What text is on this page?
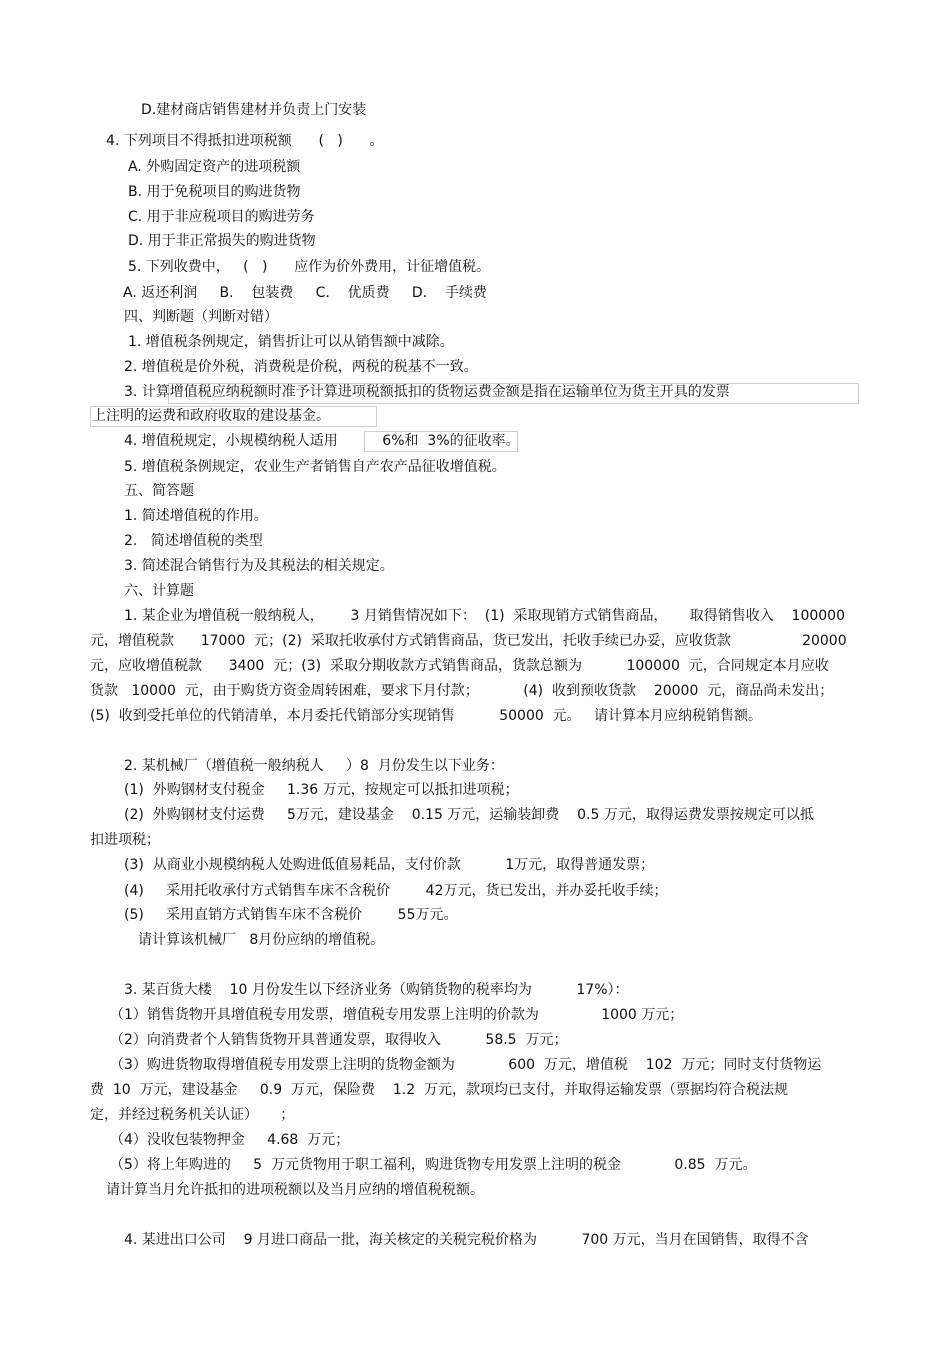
D.建材商店销售建材并负责上门安装
4. 下列项目不得抵扣进项税额      (   )      。
A. 外购固定资产的进项税额
B. 用于免税项目的购进货物
C. 用于非应税项目的购进劳务
D. 用于非正常损失的购进货物
5. 下列收费中，   (   )      应作为价外费用，计征增值税。
A. 返还利润     B.    包装费     C.    优质费     D.    手续费
四、判断题（判断对错）
1. 增值税条例规定，销售折让可以从销售额中减除。
2. 增值税是价外税，消费税是价税，两税的税基不一致。
3. 计算增值税应纳税额时准予计算进项税额抵扣的货物运费金额是指在运输单位为货主开具的发票
上注明的运费和政府收取的建设基金。
4. 增值税规定，小规模纳税人适用          6%和  3%的征收率。
5. 增值税条例规定，农业生产者销售自产农产品征收增值税。
五、简答题
1. 简述增值税的作用。
2.   简述增值税的类型
3. 简述混合销售行为及其税法的相关规定。
六、计算题
1. 某企业为增值税一般纳税人，      3 月销售情况如下：  (1)  采取现销方式销售商品，     取得销售收入    100000
元，增值税款      17000  元；(2)  采取托收承付方式销售商品，货已发出，托收手续已办妥，应收货款                20000
元，应收增值税款      3400  元；(3)  采取分期收款方式销售商品，货款总额为          100000  元，合同规定本月应收
货款   10000  元，由于购货方资金周转困难，要求下月付款；          (4)  收到预收货款    20000  元，商品尚未发出；
(5)  收到受托单位的代销清单，本月委托代销部分实现销售          50000  元。   请计算本月应纳税销售额。
2. 某机械厂（增值税一般纳税人     ）8  月份发生以下业务：
(1)  外购钢材支付税金     1.36 万元，按规定可以抵扣进项税；
(2)  外购钢材支付运费     5万元，建设基金    0.15 万元，运输装卸费    0.5 万元，取得运费发票按规定可以抵
扣进项税；
(3)  从商业小规模纳税人处购进低值易耗品，支付价款          1万元，取得普通发票；
(4)     采用托收承付方式销售车床不含税价        42万元，货已发出，并办妥托收手续；
(5)     采用直销方式销售车床不含税价        55万元。
请计算该机械厂   8月份应纳的增值税。
3. 某百货大楼    10 月份发生以下经济业务（购销货物的税率均为          17%）：
（1）销售货物开具增值税专用发票，增值税专用发票上注明的价款为              1000 万元；
（2）向消费者个人销售货物开具普通发票，取得收入          58.5  万元；
（3）购进货物取得增值税专用发票上注明的货物金额为            600  万元，增值税    102  万元；同时支付货物运
费  10  万元，建设基金     0.9  万元，保险费    1.2  万元，款项均已支付，并取得运输发票（票据均符合税法规
定，并经过税务机关认证）     ；
（4）没收包装物押金     4.68  万元；
（5）将上年购进的     5  万元货物用于职工福利，购进货物专用发票上注明的税金            0.85  万元。
请计算当月允许抵扣的进项税额以及当月应纳的增值税税额。
4. 某进出口公司    9 月进口商品一批，海关核定的关税完税价格为          700 万元，当月在国销售，取得不含
